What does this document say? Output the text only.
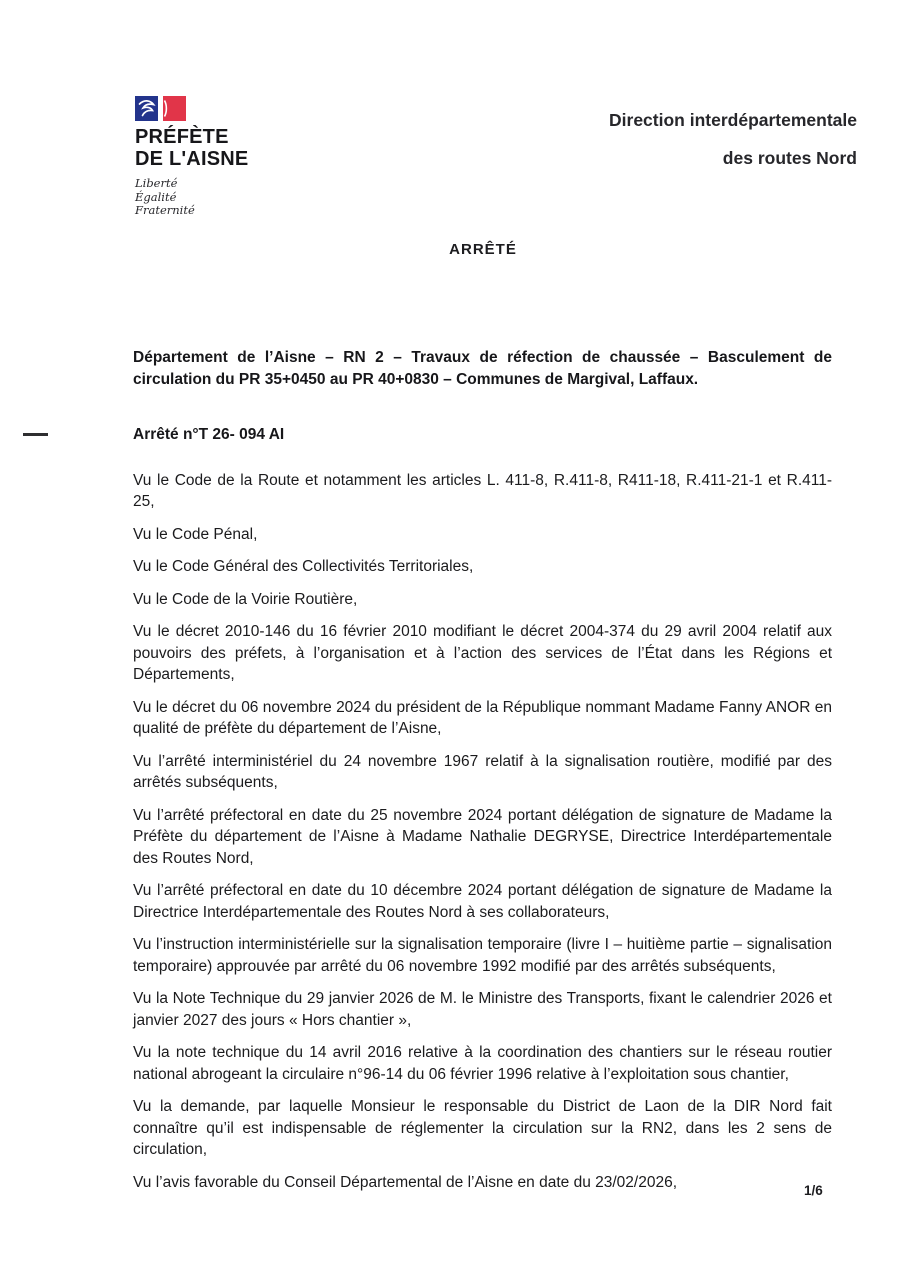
PRÉFÈTE
DE L'AISNE
Liberté
Égalité
Fraternité
Direction interdépartementale
des routes Nord
ARRÊTÉ
Département de l’Aisne – RN 2 – Travaux de réfection de chaussée – Basculement de circulation du PR 35+0450 au PR 40+0830 – Communes de Margival, Laffaux.
Arrêté n°T 26- 094 AI

Vu le Code de la Route et notamment les articles L. 411-8, R.411-8, R411-18, R.411-21-1 et R.411-25,

Vu le Code Pénal,

Vu le Code Général des Collectivités Territoriales,

Vu le Code de la Voirie Routière,

Vu le décret 2010-146 du 16 février 2010 modifiant le décret 2004-374 du 29 avril 2004 relatif aux pouvoirs des préfets, à l’organisation et à l’action des services de l’État dans les Régions et Départements,

Vu le décret du 06 novembre 2024 du président de la République nommant Madame Fanny ANOR en qualité de préfète du département de l’Aisne,

Vu l’arrêté interministériel du 24 novembre 1967 relatif à la signalisation routière, modifié par des arrêtés subséquents,

Vu l’arrêté préfectoral en date du 25 novembre 2024 portant délégation de signature de Madame la Préfète du département de l’Aisne à Madame Nathalie DEGRYSE, Directrice Interdépartementale des Routes Nord,

Vu l’arrêté préfectoral en date du 10 décembre 2024 portant délégation de signature de Madame la Directrice Interdépartementale des Routes Nord à ses collaborateurs,

Vu l’instruction interministérielle sur la signalisation temporaire (livre I – huitième partie – signalisation temporaire) approuvée par arrêté du 06 novembre 1992 modifié par des arrêtés subséquents,

Vu la Note Technique du 29 janvier 2026 de M. le Ministre des Transports, fixant le calendrier 2026 et janvier 2027 des jours « Hors chantier »,

Vu la note technique du 14 avril 2016 relative à la coordination des chantiers sur le réseau routier national abrogeant la circulaire n°96-14 du 06 février 1996 relative à l’exploitation sous chantier,

Vu la demande, par laquelle Monsieur le responsable du District de Laon de la DIR Nord fait connaître qu’il est indispensable de réglementer la circulation sur la RN2, dans les 2 sens de circulation,

Vu l’avis favorable du Conseil Départemental de l’Aisne en date du 23/02/2026,	1/6
